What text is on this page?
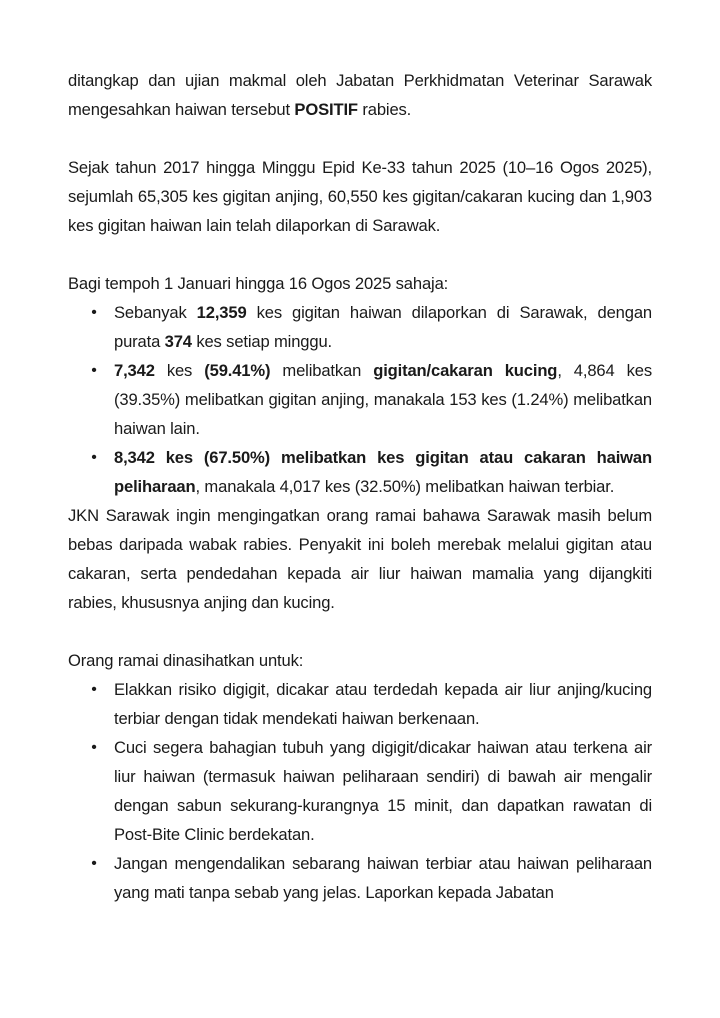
ditangkap dan ujian makmal oleh Jabatan Perkhidmatan Veterinar Sarawak mengesahkan haiwan tersebut POSITIF rabies.

Sejak tahun 2017 hingga Minggu Epid Ke-33 tahun 2025 (10–16 Ogos 2025), sejumlah 65,305 kes gigitan anjing, 60,550 kes gigitan/cakaran kucing dan 1,903 kes gigitan haiwan lain telah dilaporkan di Sarawak.

Bagi tempoh 1 Januari hingga 16 Ogos 2025 sahaja:

• Sebanyak 12,359 kes gigitan haiwan dilaporkan di Sarawak, dengan purata 374 kes setiap minggu.
• 7,342 kes (59.41%) melibatkan gigitan/cakaran kucing, 4,864 kes (39.35%) melibatkan gigitan anjing, manakala 153 kes (1.24%) melibatkan haiwan lain.
• 8,342 kes (67.50%) melibatkan kes gigitan atau cakaran haiwan peliharaan, manakala 4,017 kes (32.50%) melibatkan haiwan terbiar.

JKN Sarawak ingin mengingatkan orang ramai bahawa Sarawak masih belum bebas daripada wabak rabies. Penyakit ini boleh merebak melalui gigitan atau cakaran, serta pendedahan kepada air liur haiwan mamalia yang dijangkiti rabies, khususnya anjing dan kucing.

Orang ramai dinasihatkan untuk:

• Elakkan risiko digigit, dicakar atau terdedah kepada air liur anjing/kucing terbiar dengan tidak mendekati haiwan berkenaan.
• Cuci segera bahagian tubuh yang digigit/dicakar haiwan atau terkena air liur haiwan (termasuk haiwan peliharaan sendiri) di bawah air mengalir dengan sabun sekurang-kurangnya 15 minit, dan dapatkan rawatan di Post-Bite Clinic berdekatan.
• Jangan mengendalikan sebarang haiwan terbiar atau haiwan peliharaan yang mati tanpa sebab yang jelas. Laporkan kepada Jabatan
